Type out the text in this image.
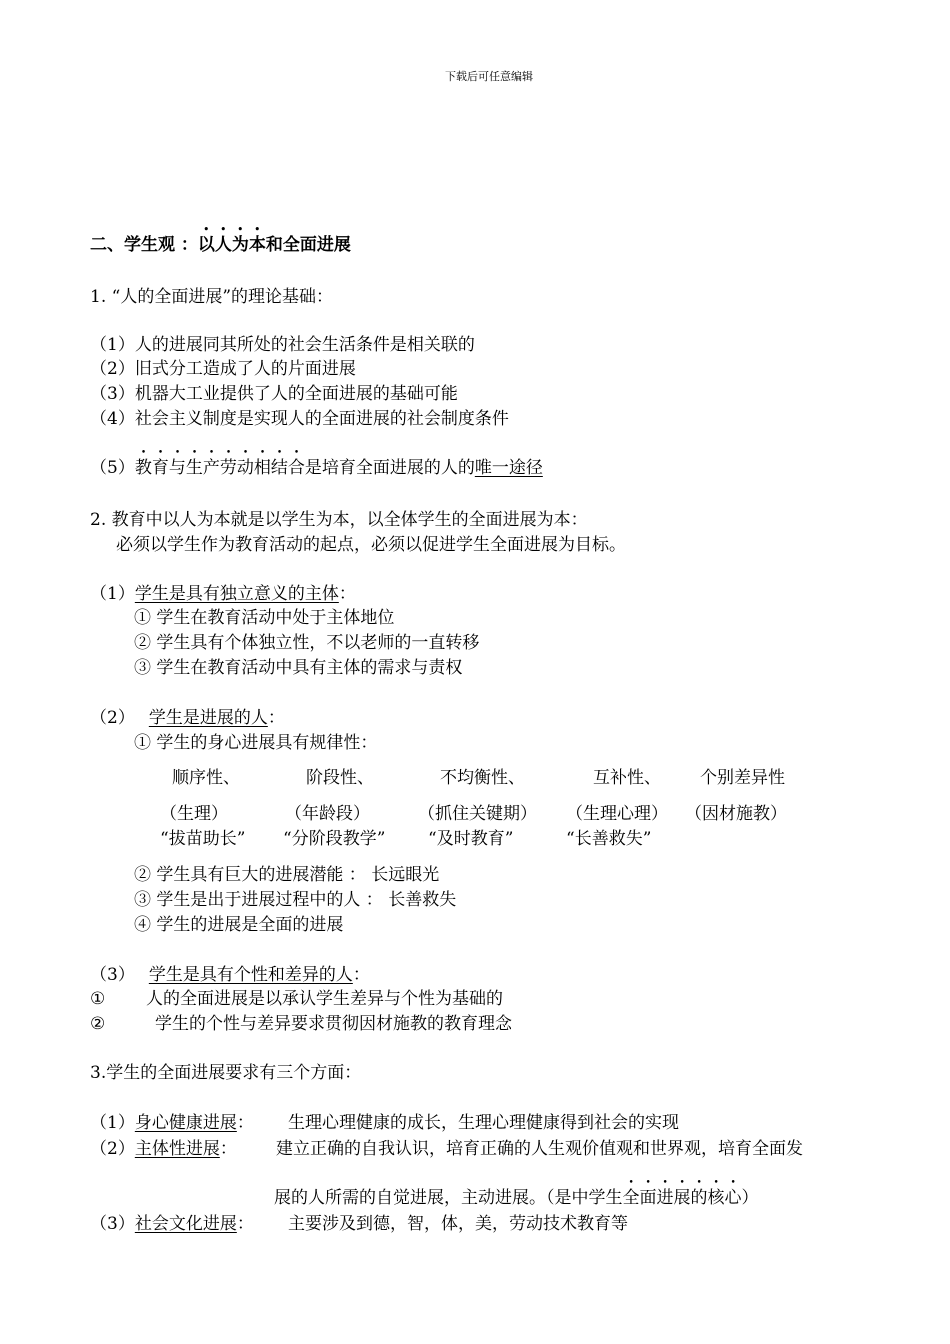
下载后可任意编辑
二、学生观 ：以人为本和全面进展
1. “人的全面进展”的理论基础：
（1）人的进展同其所处的社会生活条件是相关联的
（2）旧式分工造成了人的片面进展
（3）机器大工业提供了人的全面进展的基础可能
（4）社会主义制度是实现人的全面进展的社会制度条件
（5）教育与生产劳动相结合是培育全面进展的人的唯一途径
2. 教育中以人为本就是以学生为本，以全体学生的全面进展为本：
必须以学生作为教育活动的起点，必须以促进学生全面进展为目标。
（1）学生是具有独立意义的主体：
① 学生在教育活动中处于主体地位
② 学生具有个体独立性，不以老师的一直转移
③ 学生在教育活动中具有主体的需求与责权
（2） 学生是进展的人：
① 学生的身心进展具有规律性：
顺序性、	阶段性、	不均衡性、	互补性、 个别差异性
（生理）	（年龄段）	（抓住关键期） （生理心理） （因材施教）
“拔苗助长” “分阶段教学”	“及时教育”	“长善救失”
② 学生具有巨大的进展潜能 ： 长远眼光
③ 学生是出于进展过程中的人 ： 长善救失
④ 学生的进展是全面的进展
（3） 学生是具有个性和差异的人：
① 人的全面进展是以承认学生差异与个性为基础的
②	学生的个性与差异要求贯彻因材施教的教育理念
3.学生的全面进展要求有三个方面：
（1）身心健康进展： 生理心理健康的成长，生理心理健康得到社会的实现
（2）主体性进展： 建立正确的自我认识，培育正确的人生观价值观和世界观，培育全面发
展的人所需的自觉进展，主动进展。（是中学生全面进展的核心）
（3）社会文化进展： 主要涉及到德，智，体，美，劳动技术教育等
